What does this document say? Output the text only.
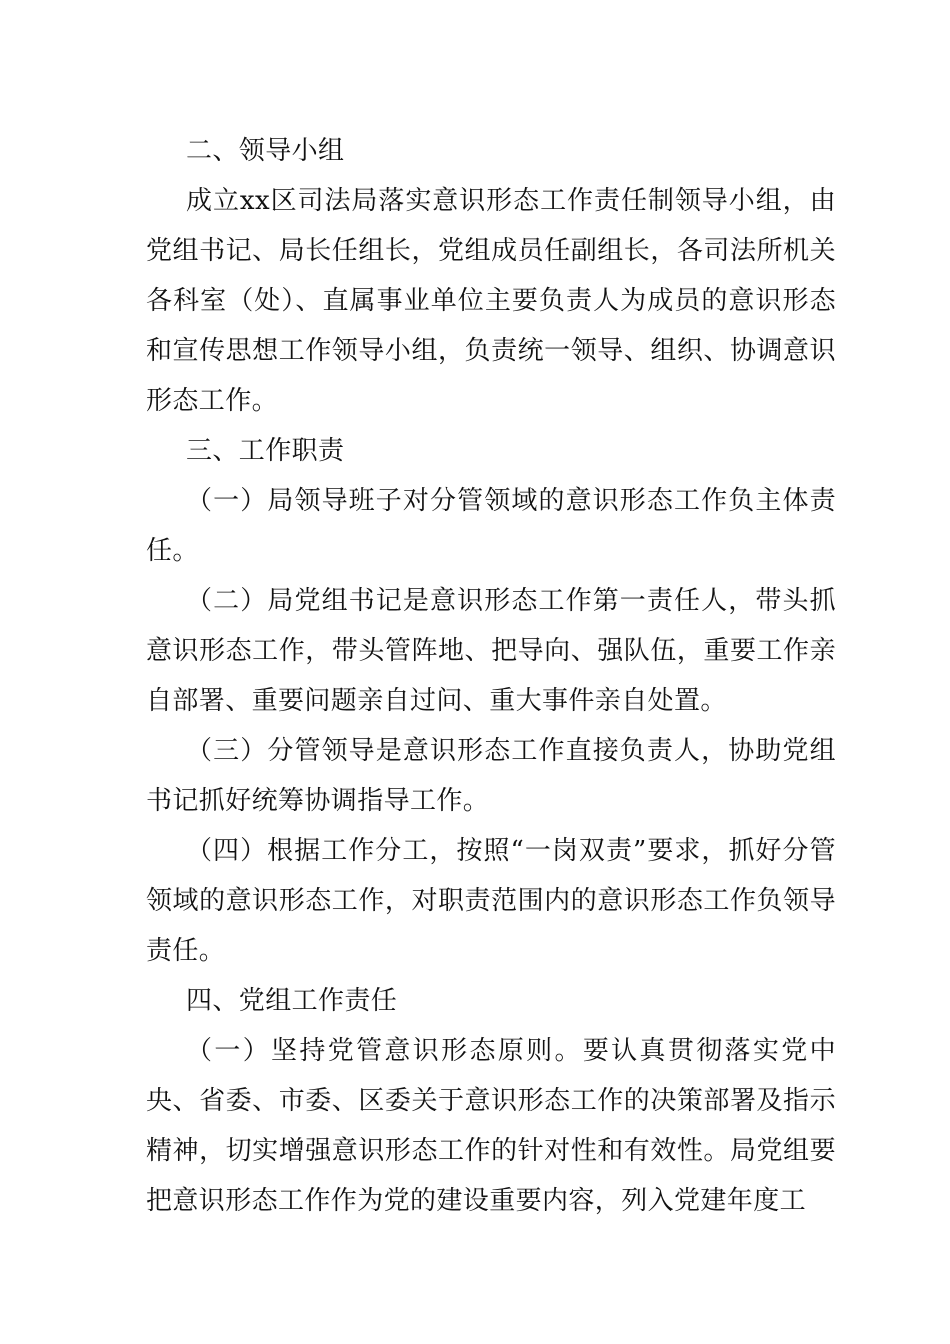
二、领导小组

成立xx区司法局落实意识形态工作责任制领导小组，由党组书记、局长任组长，党组成员任副组长，各司法所机关各科室（处）、直属事业单位主要负责人为成员的意识形态和宣传思想工作领导小组，负责统一领导、组织、协调意识形态工作。

三、工作职责

（一）局领导班子对分管领域的意识形态工作负主体责任。

（二）局党组书记是意识形态工作第一责任人，带头抓意识形态工作，带头管阵地、把导向、强队伍，重要工作亲自部署、重要问题亲自过问、重大事件亲自处置。

（三）分管领导是意识形态工作直接负责人，协助党组书记抓好统筹协调指导工作。

（四）根据工作分工，按照“一岗双责”要求，抓好分管领域的意识形态工作，对职责范围内的意识形态工作负领导责任。

四、党组工作责任

（一）坚持党管意识形态原则。要认真贯彻落实党中央、省委、市委、区委关于意识形态工作的决策部署及指示精神，切实增强意识形态工作的针对性和有效性。局党组要把意识形态工作作为党的建设重要内容，列入党建年度工
